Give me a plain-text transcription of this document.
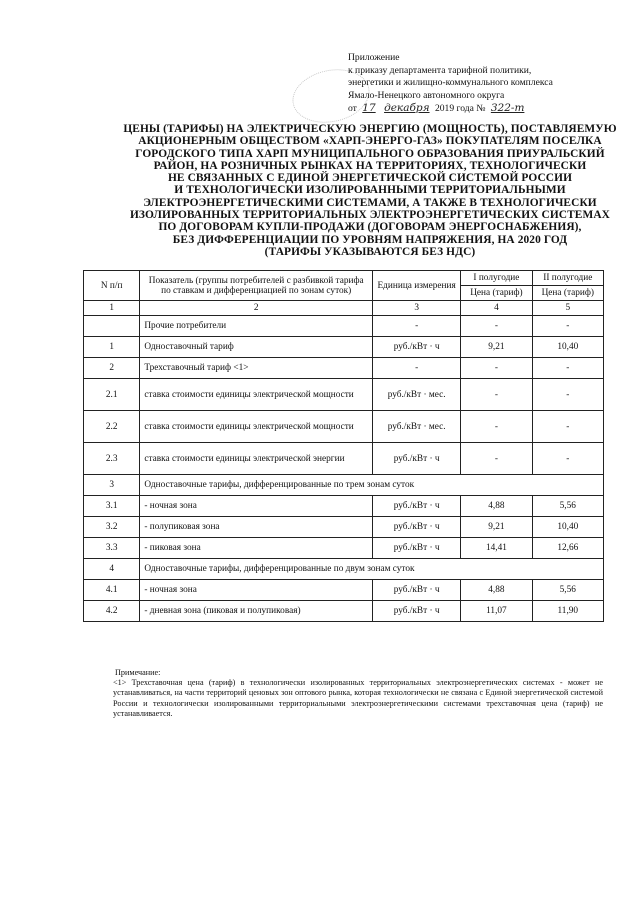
Приложение
к приказу департамента тарифной политики,
энергетики и жилищно-коммунального комплекса
Ямало-Ненецкого автономного округа
от 17 декабря 2019 года № 322-т
ЦЕНЫ (ТАРИФЫ) НА ЭЛЕКТРИЧЕСКУЮ ЭНЕРГИЮ (МОЩНОСТЬ), ПОСТАВЛЯЕМУЮ
АКЦИОНЕРНЫМ ОБЩЕСТВОМ «ХАРП-ЭНЕРГО-ГАЗ» ПОКУПАТЕЛЯМ ПОСЕЛКА
ГОРОДСКОГО ТИПА ХАРП МУНИЦИПАЛЬНОГО ОБРАЗОВАНИЯ ПРИУРАЛЬСКИЙ
РАЙОН, НА РОЗНИЧНЫХ РЫНКАХ НА ТЕРРИТОРИЯХ, ТЕХНОЛОГИЧЕСКИ
НЕ СВЯЗАННЫХ С ЕДИНОЙ ЭНЕРГЕТИЧЕСКОЙ СИСТЕМОЙ РОССИИ
И ТЕХНОЛОГИЧЕСКИ ИЗОЛИРОВАННЫМИ ТЕРРИТОРИАЛЬНЫМИ
ЭЛЕКТРОЭНЕРГЕТИЧЕСКИМИ СИСТЕМАМИ, А ТАКЖЕ В ТЕХНОЛОГИЧЕСКИ
ИЗОЛИРОВАННЫХ ТЕРРИТОРИАЛЬНЫХ ЭЛЕКТРОЭНЕРГЕТИЧЕСКИХ СИСТЕМАХ
ПО ДОГОВОРАМ КУПЛИ-ПРОДАЖИ (ДОГОВОРАМ ЭНЕРГОСНАБЖЕНИЯ),
БЕЗ ДИФФЕРЕНЦИАЦИИ ПО УРОВНЯМ НАПРЯЖЕНИЯ, НА 2020 ГОД
(ТАРИФЫ УКАЗЫВАЮТСЯ БЕЗ НДС)
N п/п	Показатель (группы потребителей с разбивкой тарифа по ставкам и дифференциацией по зонам суток)	Единица измерения	I полугодие	II полугодие
			Цена (тариф)	Цена (тариф)
1	2	3	4	5
	Прочие потребители	-	-	-
1	Одноставочный тариф	руб./кВт · ч	9,21	10,40
2	Трехставочный тариф <1>	-	-	-
2.1	ставка стоимости единицы электрической мощности	руб./кВт · мес.	-	-
2.2	ставка стоимости единицы электрической мощности	руб./кВт · мес.	-	-
2.3	ставка стоимости единицы электрической энергии	руб./кВт · ч	-	-
3	Одноставочные тарифы, дифференцированные по трем зонам суток			
3.1	- ночная зона	руб./кВт · ч	4,88	5,56
3.2	- полупиковая зона	руб./кВт · ч	9,21	10,40
3.3	- пиковая зона	руб./кВт · ч	14,41	12,66
4	Одноставочные тарифы, дифференцированные по двум зонам суток			
4.1	- ночная зона	руб./кВт · ч	4,88	5,56
4.2	- дневная зона (пиковая и полупиковая)	руб./кВт · ч	11,07	11,90
Примечание:
<1> Трехставочная цена (тариф) в технологически изолированных территориальных электроэнергетических системах - может не устанавливаться, на части территорий ценовых зон оптового рынка, которая технологически не связана с Единой энергетической системой России и технологически изолированными территориальными электроэнергетическими системами трехставочная цена (тариф) не устанавливается.
